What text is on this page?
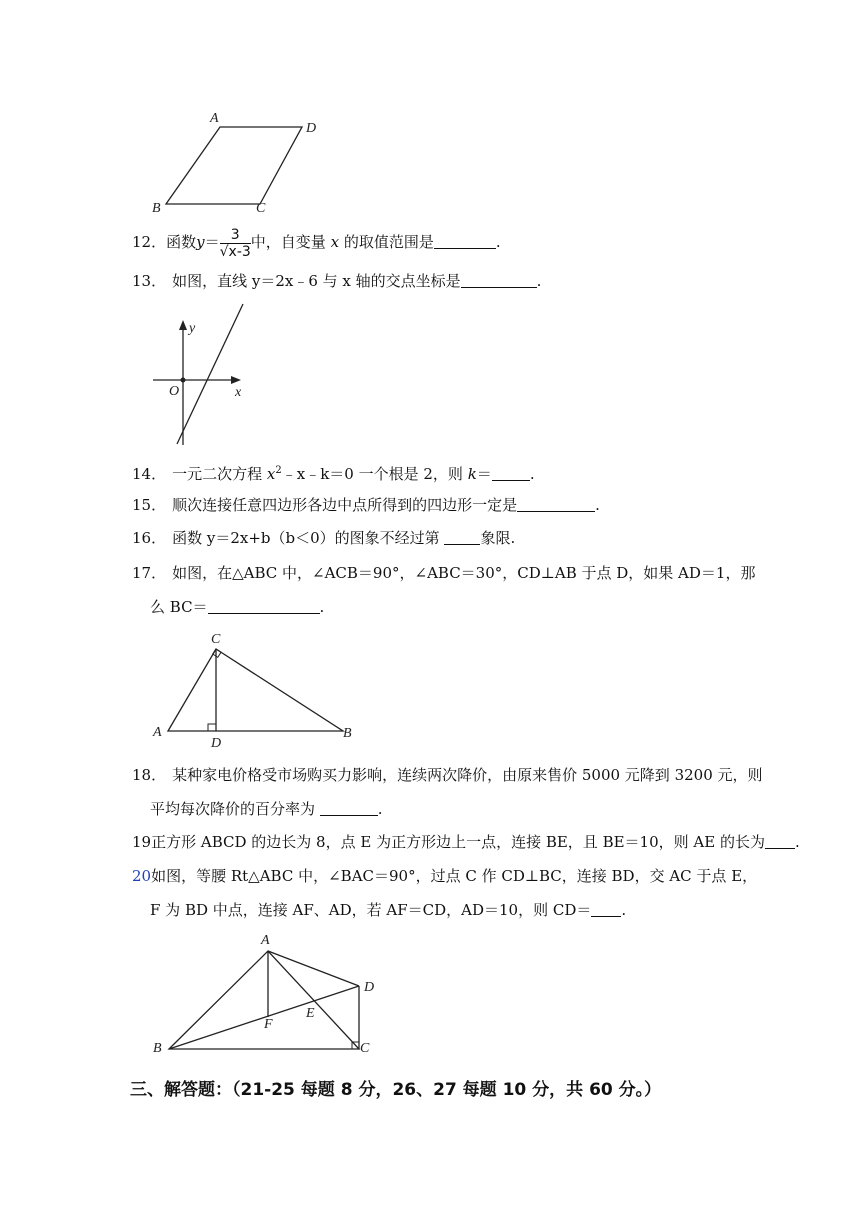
A
D
B	C
12．函数$y= \frac{3}{√x-3}$ 中，自变量 x 的取值范围是	.
13． 如图，直线 y＝2x﹣6 与 x 轴的交点坐标是	.
y
x
O
14． 一元二次方程 $x^2﹣x﹣k=0$ 一个根是 2，则 k＝	.
15． 顺次连接任意四边形各边中点所得到的四边形一定是	.
16． 函数 y＝2x+b（b＜0）的图象不经过第	象限.
17． 如图，在△ABC 中，∠ACB＝90°，∠ABC＝30°，CD⊥AB 于点 D，如果 AD＝1，那
么 BC＝	.
C
A
D
B
18． 某种家电价格受市场购买力影响，连续两次降价，由原来售价 5000 元降到 3200 元，则
平均每次降价的百分率为	.
19正方形 ABCD 的边长为 8，点 E 为正方形边上一点，连接 BE，且 BE＝10，则 AE 的长为 .
20如图，等腰 Rt△ABC 中，∠BAC＝90°，过点 C 作 CD⊥BC，连接 BD，交 AC 于点 E，
F 为 BD 中点，连接 AF、AD，若 AF＝CD，AD＝10，则 CD＝ .
A
D
F
E
B	C
三、解答题：（21-25 每题 8 分，26、27 每题 10 分，共 60 分。）
